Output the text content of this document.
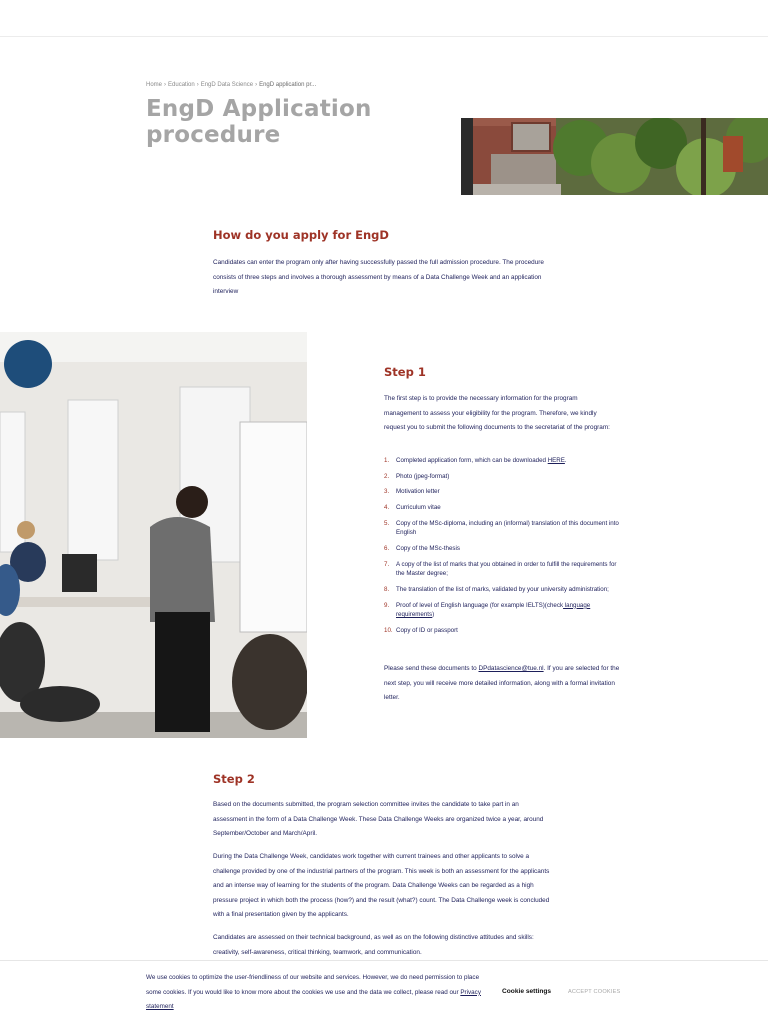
Home › Education › EngD Data Science › EngD application pr...
EngD Application procedure
How do you apply for EngD

Candidates can enter the program only after having successfully passed the full admission procedure. The procedure consists of three steps and involves a thorough assessment by means of a Data Challenge Week and an application interview

Step 1

The first step is to provide the necessary information for the program management to assess your eligibility for the program. Therefore, we kindly request you to submit the following documents to the secretariat of the program:

1. Completed application form, which can be downloaded HERE.
2. Photo (jpeg-format)
3. Motivation letter
4. Curriculum vitae
5. Copy of the MSc-diploma, including an (informal) translation of this document into English
6. Copy of the MSc-thesis
7. A copy of the list of marks that you obtained in order to fulfill the requirements for the Master degree;
8. The translation of the list of marks, validated by your university administration;
9. Proof of level of English language (for example IELTS)(check language requirements)
10. Copy of ID or passport

Please send these documents to DPdatascience@tue.nl. If you are selected for the next step, you will receive more detailed information, along with a formal invitation letter.

Step 2

Based on the documents submitted, the program selection committee invites the candidate to take part in an assessment in the form of a Data Challenge Week. These Data Challenge Weeks are organized twice a year, around September/October and March/April.

During the Data Challenge Week, candidates work together with current trainees and other applicants to solve a challenge provided by one of the industrial partners of the program. This week is both an assessment for the applicants and an intense way of learning for the students of the program. Data Challenge Weeks can be regarded as a high pressure project in which both the process (how?) and the result (what?) count. The Data Challenge week is concluded with a final presentation given by the applicants.

Candidates are assessed on their technical background, as well as on the following distinctive attitudes and skills: creativity, self-awareness, critical thinking, teamwork, and communication.

We use cookies to optimize the user-friendliness of our website and services. However, we do need permission to place some cookies. If you would like to know more about the cookies we use and the data we collect, please read our Privacy statement

Cookie settings	ACCEPT COOKIES
